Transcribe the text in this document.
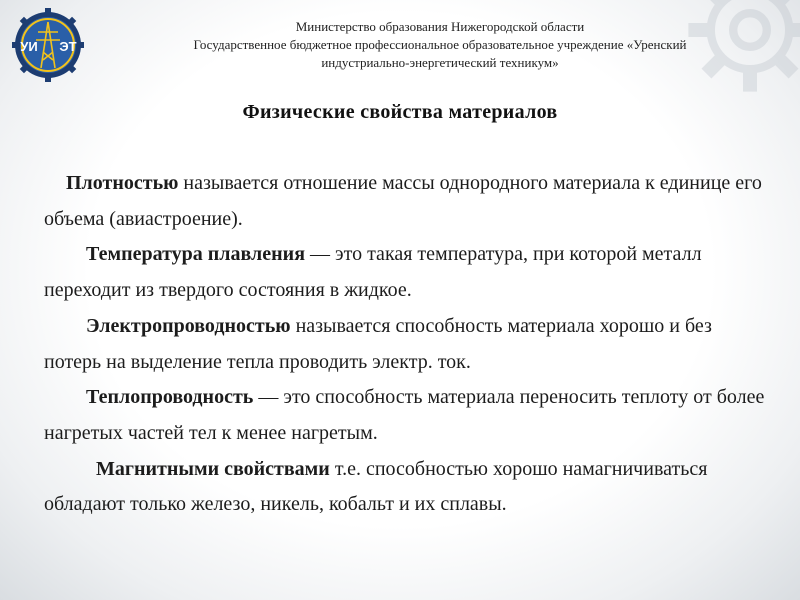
УИ ЭТ
Министерство образования Нижегородской области
Государственное бюджетное профессиональное образовательное учреждение «Уренский
индустриально-энергетический техникум»
Физические свойства материалов

Плотностью называется отношение массы однородного материала к единице его объема (авиастроение).

Температура плавления — это такая температура, при которой металл переходит из твердого состояния в жидкое.

Электропроводностью называется способность материала хорошо и без потерь на выделение тепла проводить электр. ток.

Теплопроводность — это способность материала переносить теплоту от более нагретых частей тел к менее нагретым.

Магнитными свойствами т.е. способностью хорошо намагничиваться обладают только железо, никель, кобальт и их сплавы.
